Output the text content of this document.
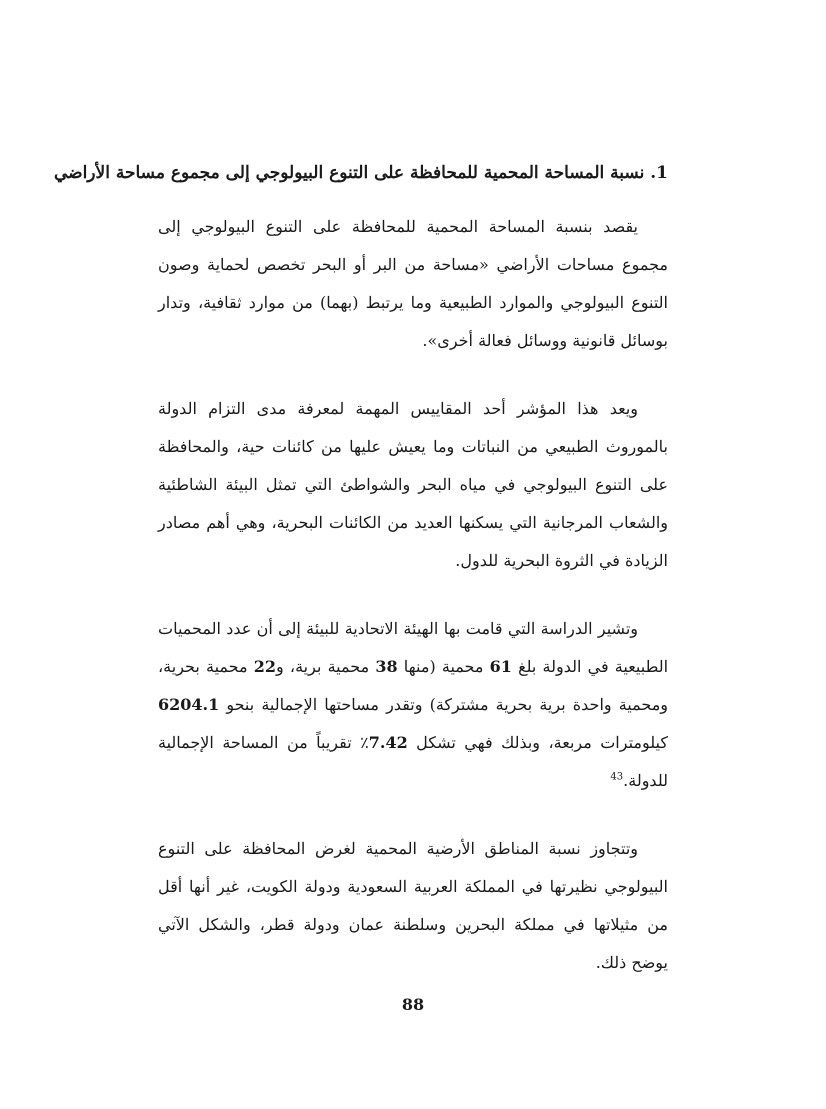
1. نسبة المساحة المحمية للمحافظة على التنوع البيولوجي إلى مجموع مساحة الأراضي

يقصد بنسبة المساحة المحمية للمحافظة على التنوع البيولوجي إلى مجموع مساحات الأراضي «مساحة من البر أو البحر تخصص لحماية وصون التنوع البيولوجي والموارد الطبيعية وما يرتبط (بهما) من موارد ثقافية، وتدار بوسائل قانونية ووسائل فعالة أخرى».

ويعد هذا المؤشر أحد المقاييس المهمة لمعرفة مدى التزام الدولة بالموروث الطبيعي من النباتات وما يعيش عليها من كائنات حية، والمحافظة على التنوع البيولوجي في مياه البحر والشواطئ التي تمثل البيئة الشاطئية والشعاب المرجانية التي يسكنها العديد من الكائنات البحرية، وهي أهم مصادر الزيادة في الثروة البحرية للدول.

وتشير الدراسة التي قامت بها الهيئة الاتحادية للبيئة إلى أن عدد المحميات الطبيعية في الدولة بلغ 61 محمية (منها 38 محمية برية، و22 محمية بحرية، ومحمية واحدة برية بحرية مشتركة) وتقدر مساحتها الإجمالية بنحو 6204.1 كيلومترات مربعة، وبذلك فهي تشكل 7.42٪ تقريباً من المساحة الإجمالية للدولة.$^{43}$

وتتجاوز نسبة المناطق الأرضية المحمية لغرض المحافظة على التنوع البيولوجي نظيرتها في المملكة العربية السعودية ودولة الكويت، غير أنها أقل من مثيلاتها في مملكة البحرين وسلطنة عمان ودولة قطر، والشكل الآتي يوضح ذلك.

88
